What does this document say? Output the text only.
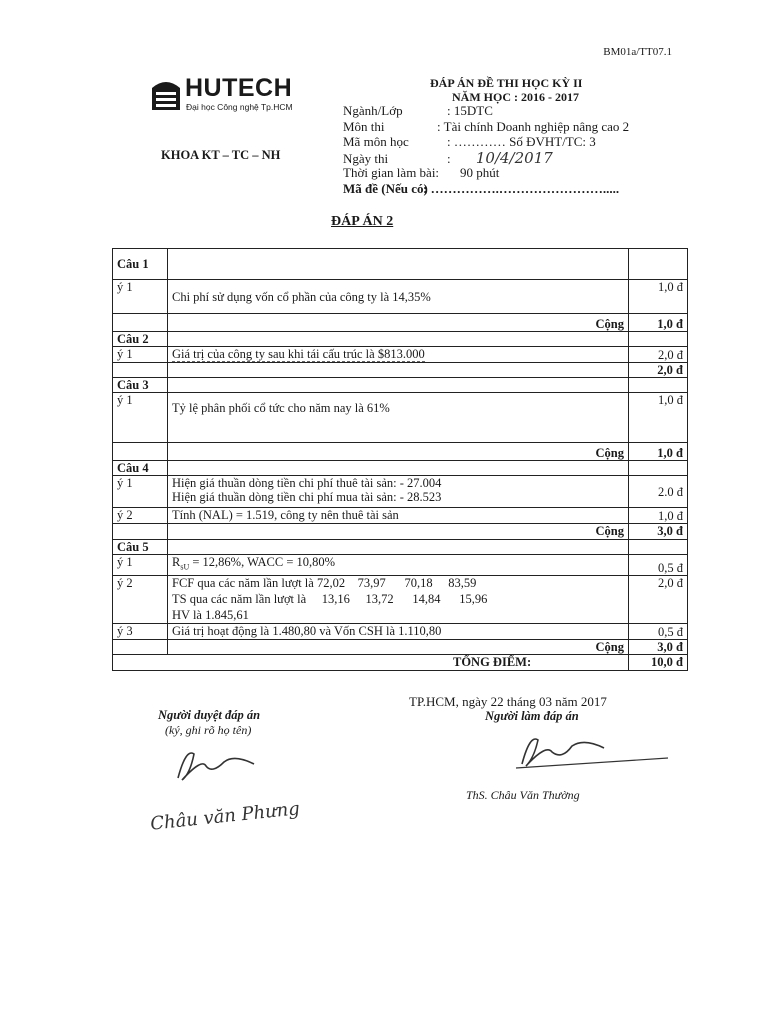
BM01a/TT07.1
HUTECH
Đại học Công nghệ Tp.HCM
KHOA KT – TC – NH
ĐÁP ÁN ĐỀ THI HỌC KỲ II
NĂM HỌC : 2016 - 2017
Ngành/Lớp	: 15DTC
Môn thi	: Tài chính Doanh nghiệp nâng cao 2
Mã môn học	: ………… Số ĐVHT/TC: 3
Ngày thi	: 10/4/2017
Thời gian làm bài: 90 phút
Mã đề (Nếu có): …………….…………………….....
ĐÁP ÁN 2
Câu 1		
ý 1	Chi phí sử dụng vốn cổ phần của công ty là 14,35%	1,0 đ
	Cộng	1,0 đ
Câu 2		
ý 1	Giá trị của công ty sau khi tái cấu trúc là $813.000	2,0 đ
		2,0 đ
Câu 3		
ý 1	Tỷ lệ phân phối cổ tức cho năm nay là 61%	1,0 đ
	Cộng	1,0 đ
Câu 4		
ý 1	Hiện giá thuần dòng tiền chi phí thuê tài sản: - 27.004
Hiện giá thuần dòng tiền chi phí mua tài sản: - 28.523	2.0 đ
ý 2	Tính (NAL) = 1.519, công ty nên thuê tài sản	1,0 đ
	Cộng	3,0 đ
Câu 5		
ý 1	$R_{sU} = 12,86\%$, WACC = 10,80%	0,5 đ
ý 2	FCF qua các năm lần lượt là 72,02    73,97      70,18     83,59
TS qua các năm lần lượt là     13,16     13,72      14,84      15,96
HV là 1.845,61	2,0 đ
ý 3	Giá trị hoạt động là 1.480,80 và Vốn CSH là 1.110,80	0,5 đ
	Cộng	3,0 đ
TỔNG ĐIỂM:		10,0 đ
Người duyệt đáp án
(ký, ghi rõ họ tên)
Châu văn Phưng
TP.HCM, ngày 22 tháng 03 năm 2017
Người làm đáp án
ThS. Châu Văn Thường
